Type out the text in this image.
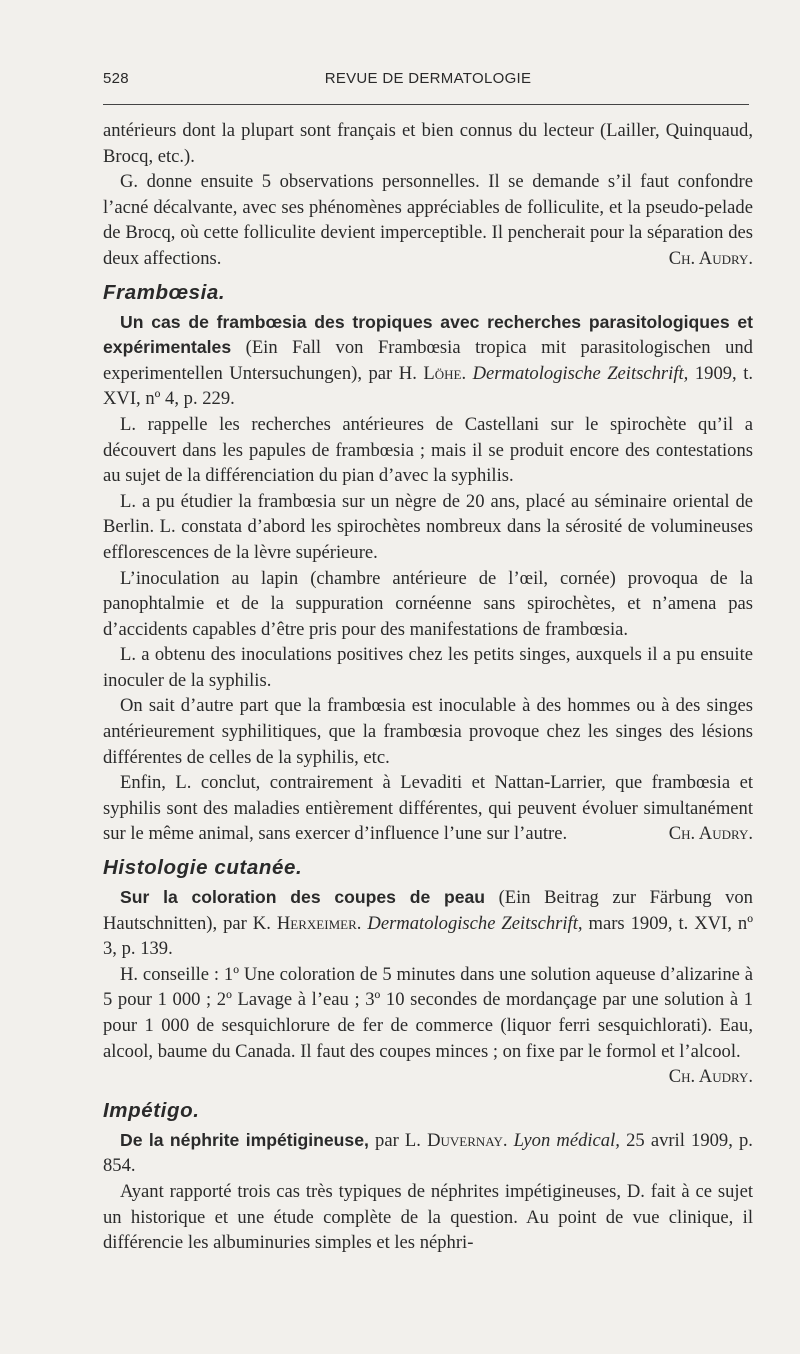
528	REVUE DE DERMATOLOGIE

antérieurs dont la plupart sont français et bien connus du lecteur (Lailler, Quinquaud, Brocq, etc.).

G. donne ensuite 5 observations personnelles. Il se demande s’il faut confondre l’acné décalvante, avec ses phénomènes appréciables de folliculite, et la pseudo-pelade de Brocq, où cette folliculite devient imperceptible. Il pencherait pour la séparation des deux affections.	Ch. Audry.

Frambœsia.

Un cas de frambœsia des tropiques avec recherches parasitologiques et expérimentales (Ein Fall von Frambœsia tropica mit parasitologischen und experimentellen Untersuchungen), par H. Löhe. Dermatologische Zeitschrift, 1909, t. XVI, nº 4, p. 229.

L. rappelle les recherches antérieures de Castellani sur le spirochète qu’il a découvert dans les papules de frambœsia ; mais il se produit encore des contestations au sujet de la différenciation du pian d’avec la syphilis.

L. a pu étudier la frambœsia sur un nègre de 20 ans, placé au séminaire oriental de Berlin. L. constata d’abord les spirochètes nombreux dans la sérosité de volumineuses efflorescences de la lèvre supérieure.

L’inoculation au lapin (chambre antérieure de l’œil, cornée) provoqua de la panophtalmie et de la suppuration cornéenne sans spirochètes, et n’amena pas d’accidents capables d’être pris pour des manifestations de frambœsia.

L. a obtenu des inoculations positives chez les petits singes, auxquels il a pu ensuite inoculer de la syphilis.

On sait d’autre part que la frambœsia est inoculable à des hommes ou à des singes antérieurement syphilitiques, que la frambœsia provoque chez les singes des lésions différentes de celles de la syphilis, etc.

Enfin, L. conclut, contrairement à Levaditi et Nattan-Larrier, que frambœsia et syphilis sont des maladies entièrement différentes, qui peuvent évoluer simultanément sur le même animal, sans exercer d’influence l’une sur l’autre.	Ch. Audry.

Histologie cutanée.

Sur la coloration des coupes de peau (Ein Beitrag zur Färbung von Hautschnitten), par K. Herxeimer. Dermatologische Zeitschrift, mars 1909, t. XVI, nº 3, p. 139.

H. conseille : 1º Une coloration de 5 minutes dans une solution aqueuse d’alizarine à 5 pour 1 000 ; 2º Lavage à l’eau ; 3º 10 secondes de mordançage par une solution à 1 pour 1 000 de sesquichlorure de fer de commerce (liquor ferri sesquichlorati). Eau, alcool, baume du Canada. Il faut des coupes minces ; on fixe par le formol et l’alcool.
Ch. Audry.

Impétigo.

De la néphrite impétigineuse, par L. Duvernay. Lyon médical, 25 avril 1909, p. 854.

Ayant rapporté trois cas très typiques de néphrites impétigineuses, D. fait à ce sujet un historique et une étude complète de la question. Au point de vue clinique, il différencie les albuminuries simples et les néphri-
